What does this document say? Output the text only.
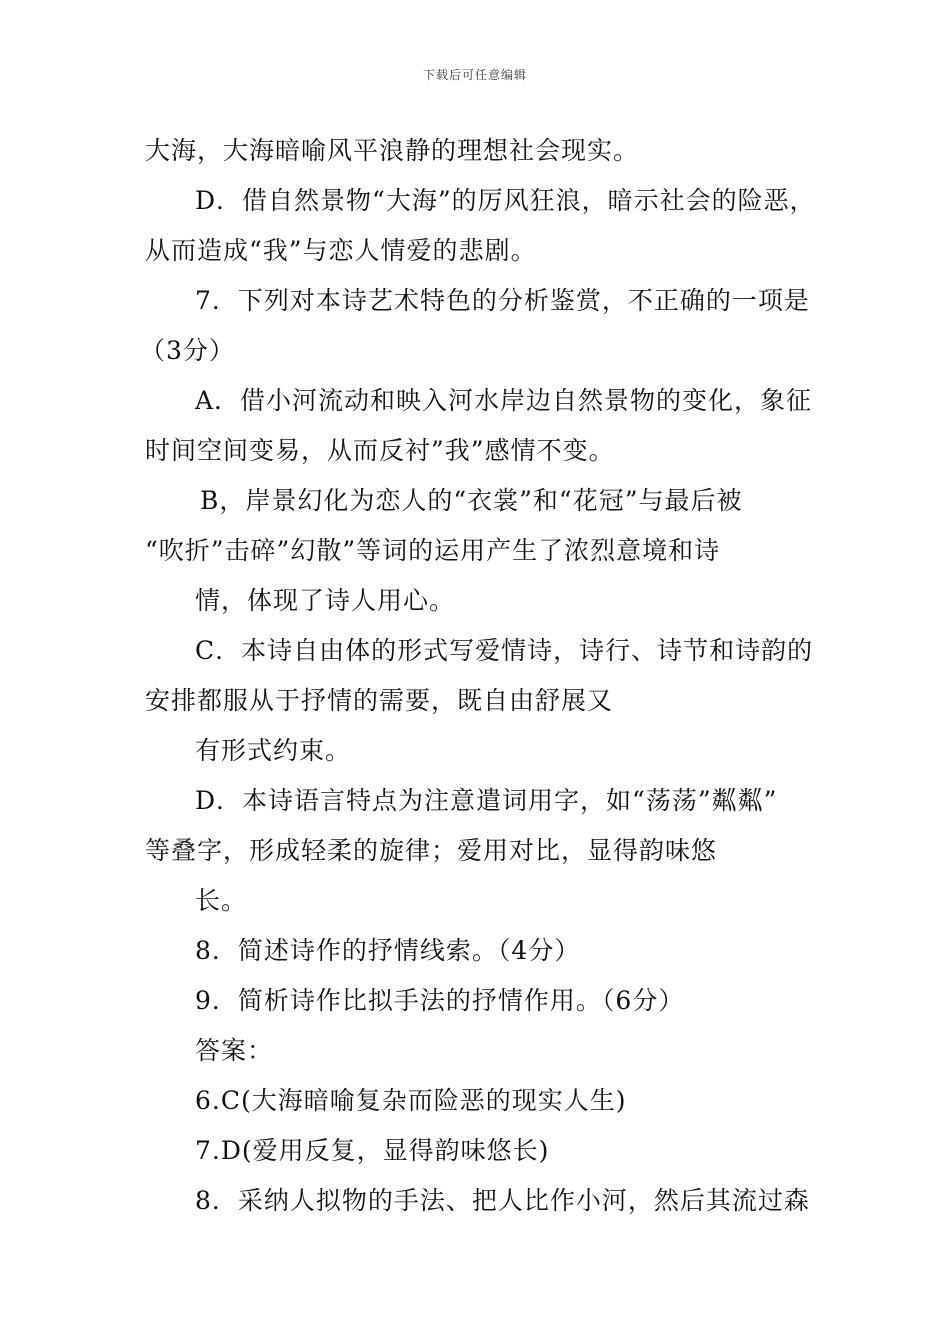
下载后可任意编辑
大海，大海暗喻风平浪静的理想社会现实。
D．借自然景物“大海”的厉风狂浪，暗示社会的险恶，
从而造成“我”与恋人情爱的悲剧。
7．下列对本诗艺术特色的分析鉴赏，不正确的一项是
（3分）
A．借小河流动和映入河水岸边自然景物的变化，象征
时间空间变易，从而反衬”我”感情不变。
B，岸景幻化为恋人的“衣裳”和“花冠”与最后被
“吹折”击碎”幻散”等词的运用产生了浓烈意境和诗
情，体现了诗人用心。
C．本诗自由体的形式写爱情诗，诗行、诗节和诗韵的
安排都服从于抒情的需要，既自由舒展又
有形式约束。
D．本诗语言特点为注意遣词用字，如“荡荡”粼粼”
等叠字，形成轻柔的旋律；爱用对比，显得韵味悠
长。
8．简述诗作的抒情线索。（4分）
9．简析诗作比拟手法的抒情作用。（6分）
答案：
6.C(大海暗喻复杂而险恶的现实人生)
7.D(爱用反复，显得韵味悠长)
8．采纳人拟物的手法、把人比作小河，然后其流过森
